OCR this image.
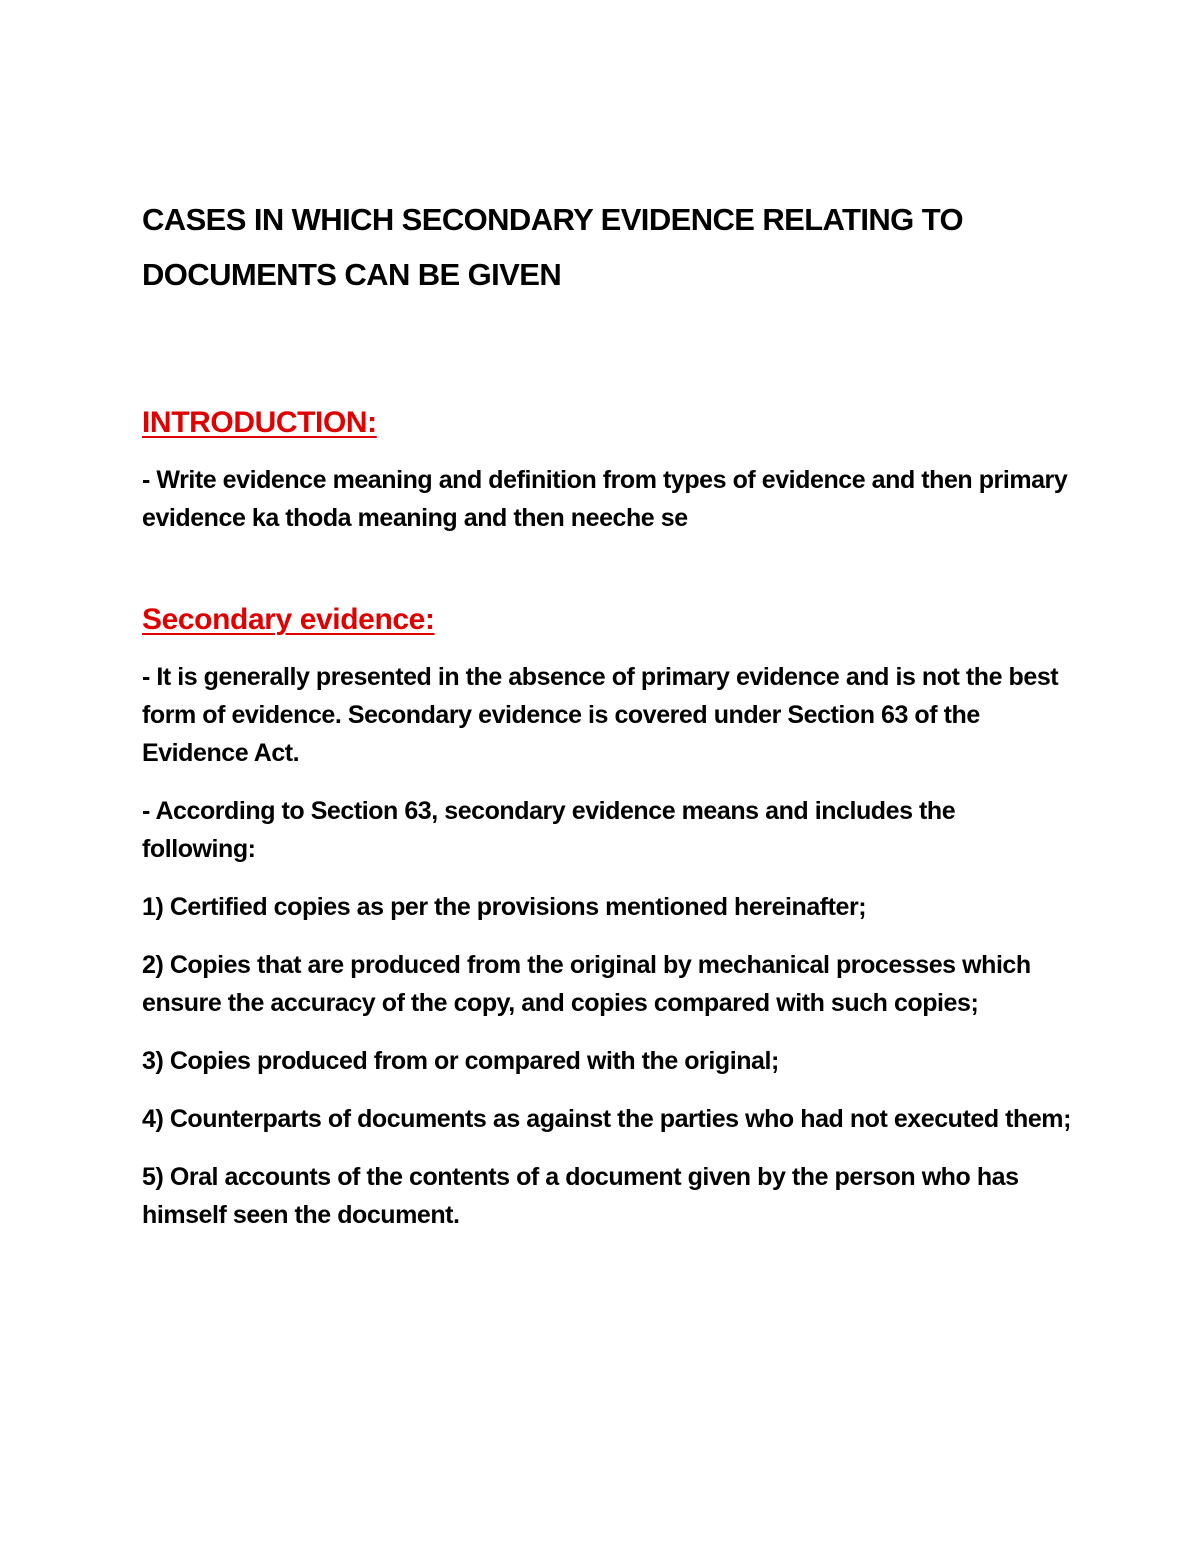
CASES IN WHICH SECONDARY EVIDENCE RELATING TO DOCUMENTS CAN BE GIVEN
INTRODUCTION:

- Write evidence meaning and definition from types of evidence and then primary evidence ka thoda meaning and then neeche se

Secondary evidence:

- It is generally presented in the absence of primary evidence and is not the best form of evidence. Secondary evidence is covered under Section 63 of the Evidence Act.

- According to Section 63, secondary evidence means and includes the following:

1) Certified copies as per the provisions mentioned hereinafter;

2) Copies that are produced from the original by mechanical processes which ensure the accuracy of the copy, and copies compared with such copies;

3) Copies produced from or compared with the original;

4) Counterparts of documents as against the parties who had not executed them;

5) Oral accounts of the contents of a document given by the person who has himself seen the document.
